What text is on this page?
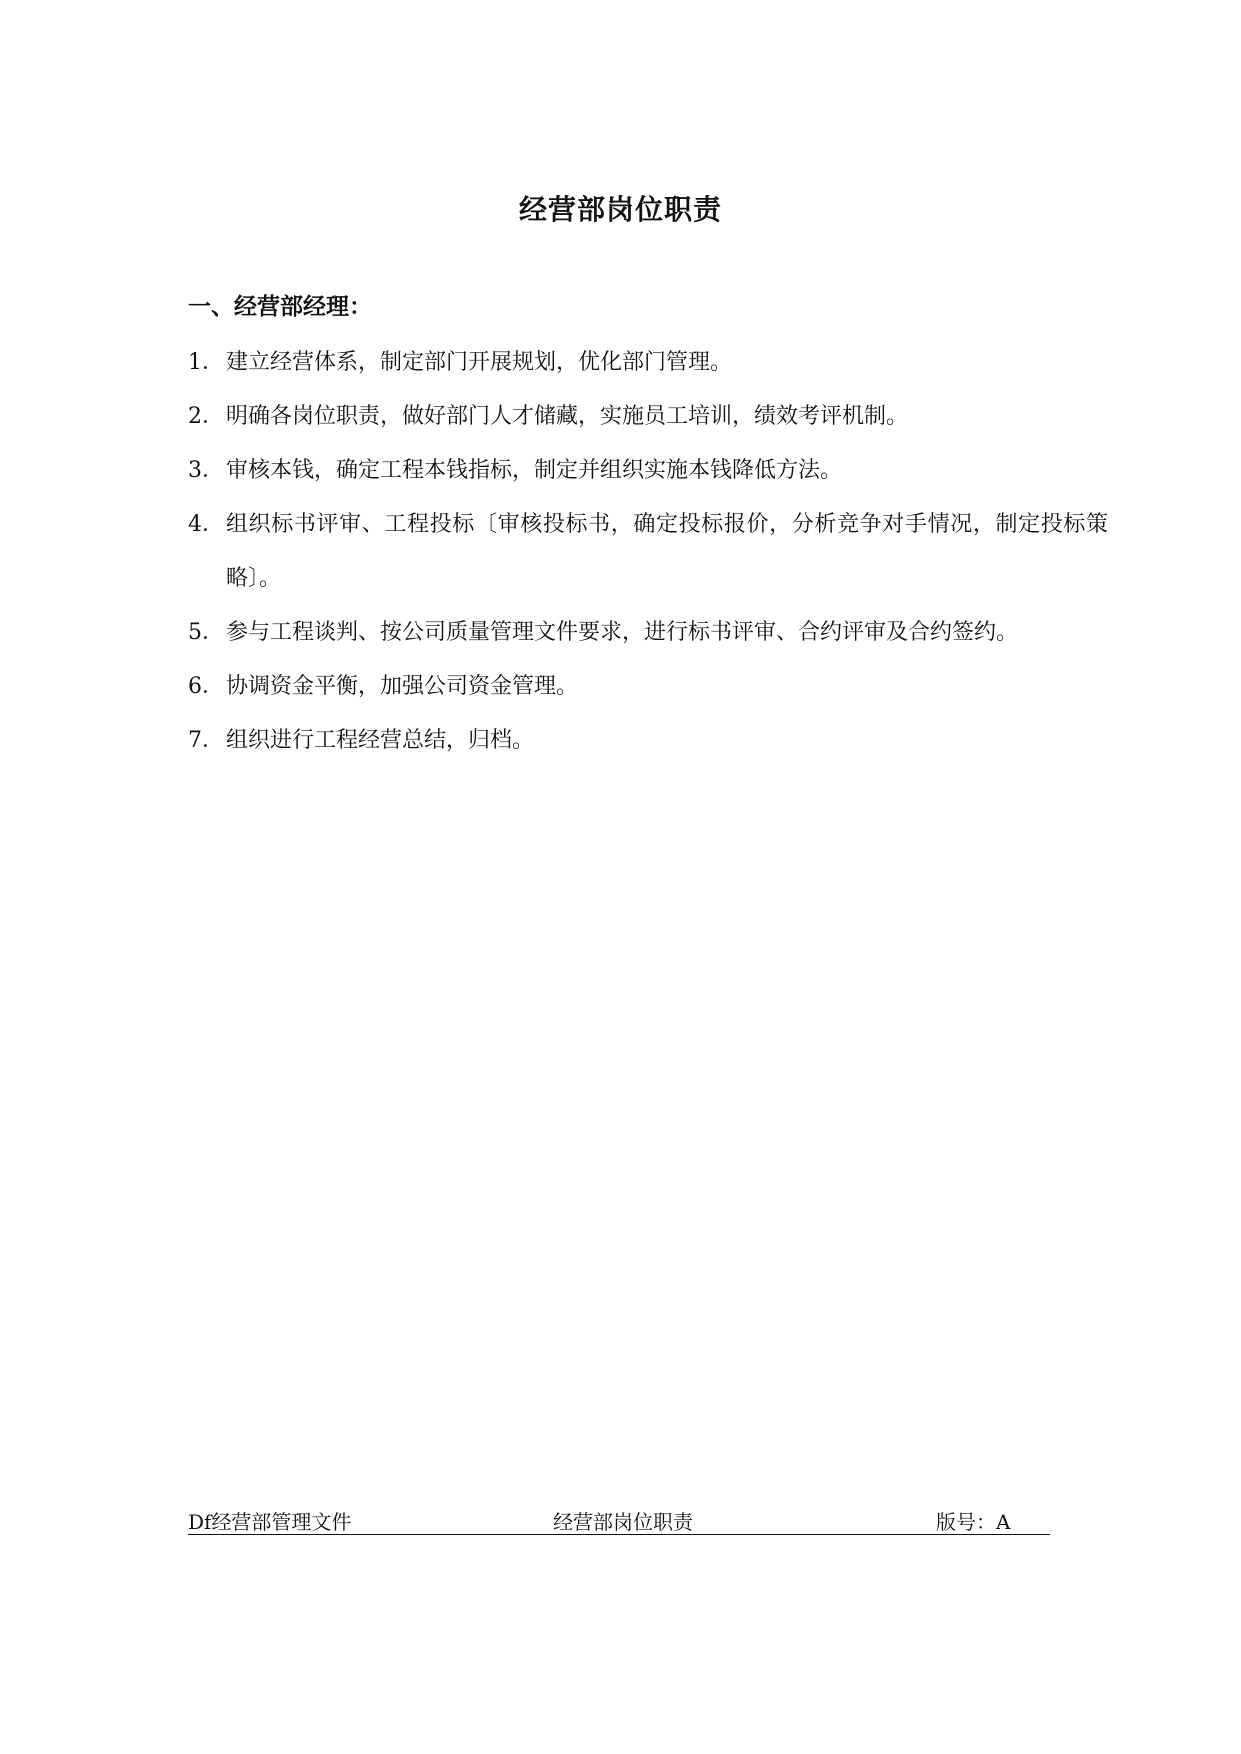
经营部岗位职责
一、经营部经理：
1． 建立经营体系，制定部门开展规划，优化部门管理。
2． 明确各岗位职责，做好部门人才储藏，实施员工培训，绩效考评机制。
3． 审核本钱，确定工程本钱指标，制定并组织实施本钱降低方法。
4． 组织标书评审、工程投标〔审核投标书，确定投标报价，分析竞争对手情况，制定投标策略〕。
5． 参与工程谈判、按公司质量管理文件要求，进行标书评审、合约评审及合约签约。
6． 协调资金平衡，加强公司资金管理。
7． 组织进行工程经营总结，归档。
Df经营部管理文件	经营部岗位职责	版号：A
